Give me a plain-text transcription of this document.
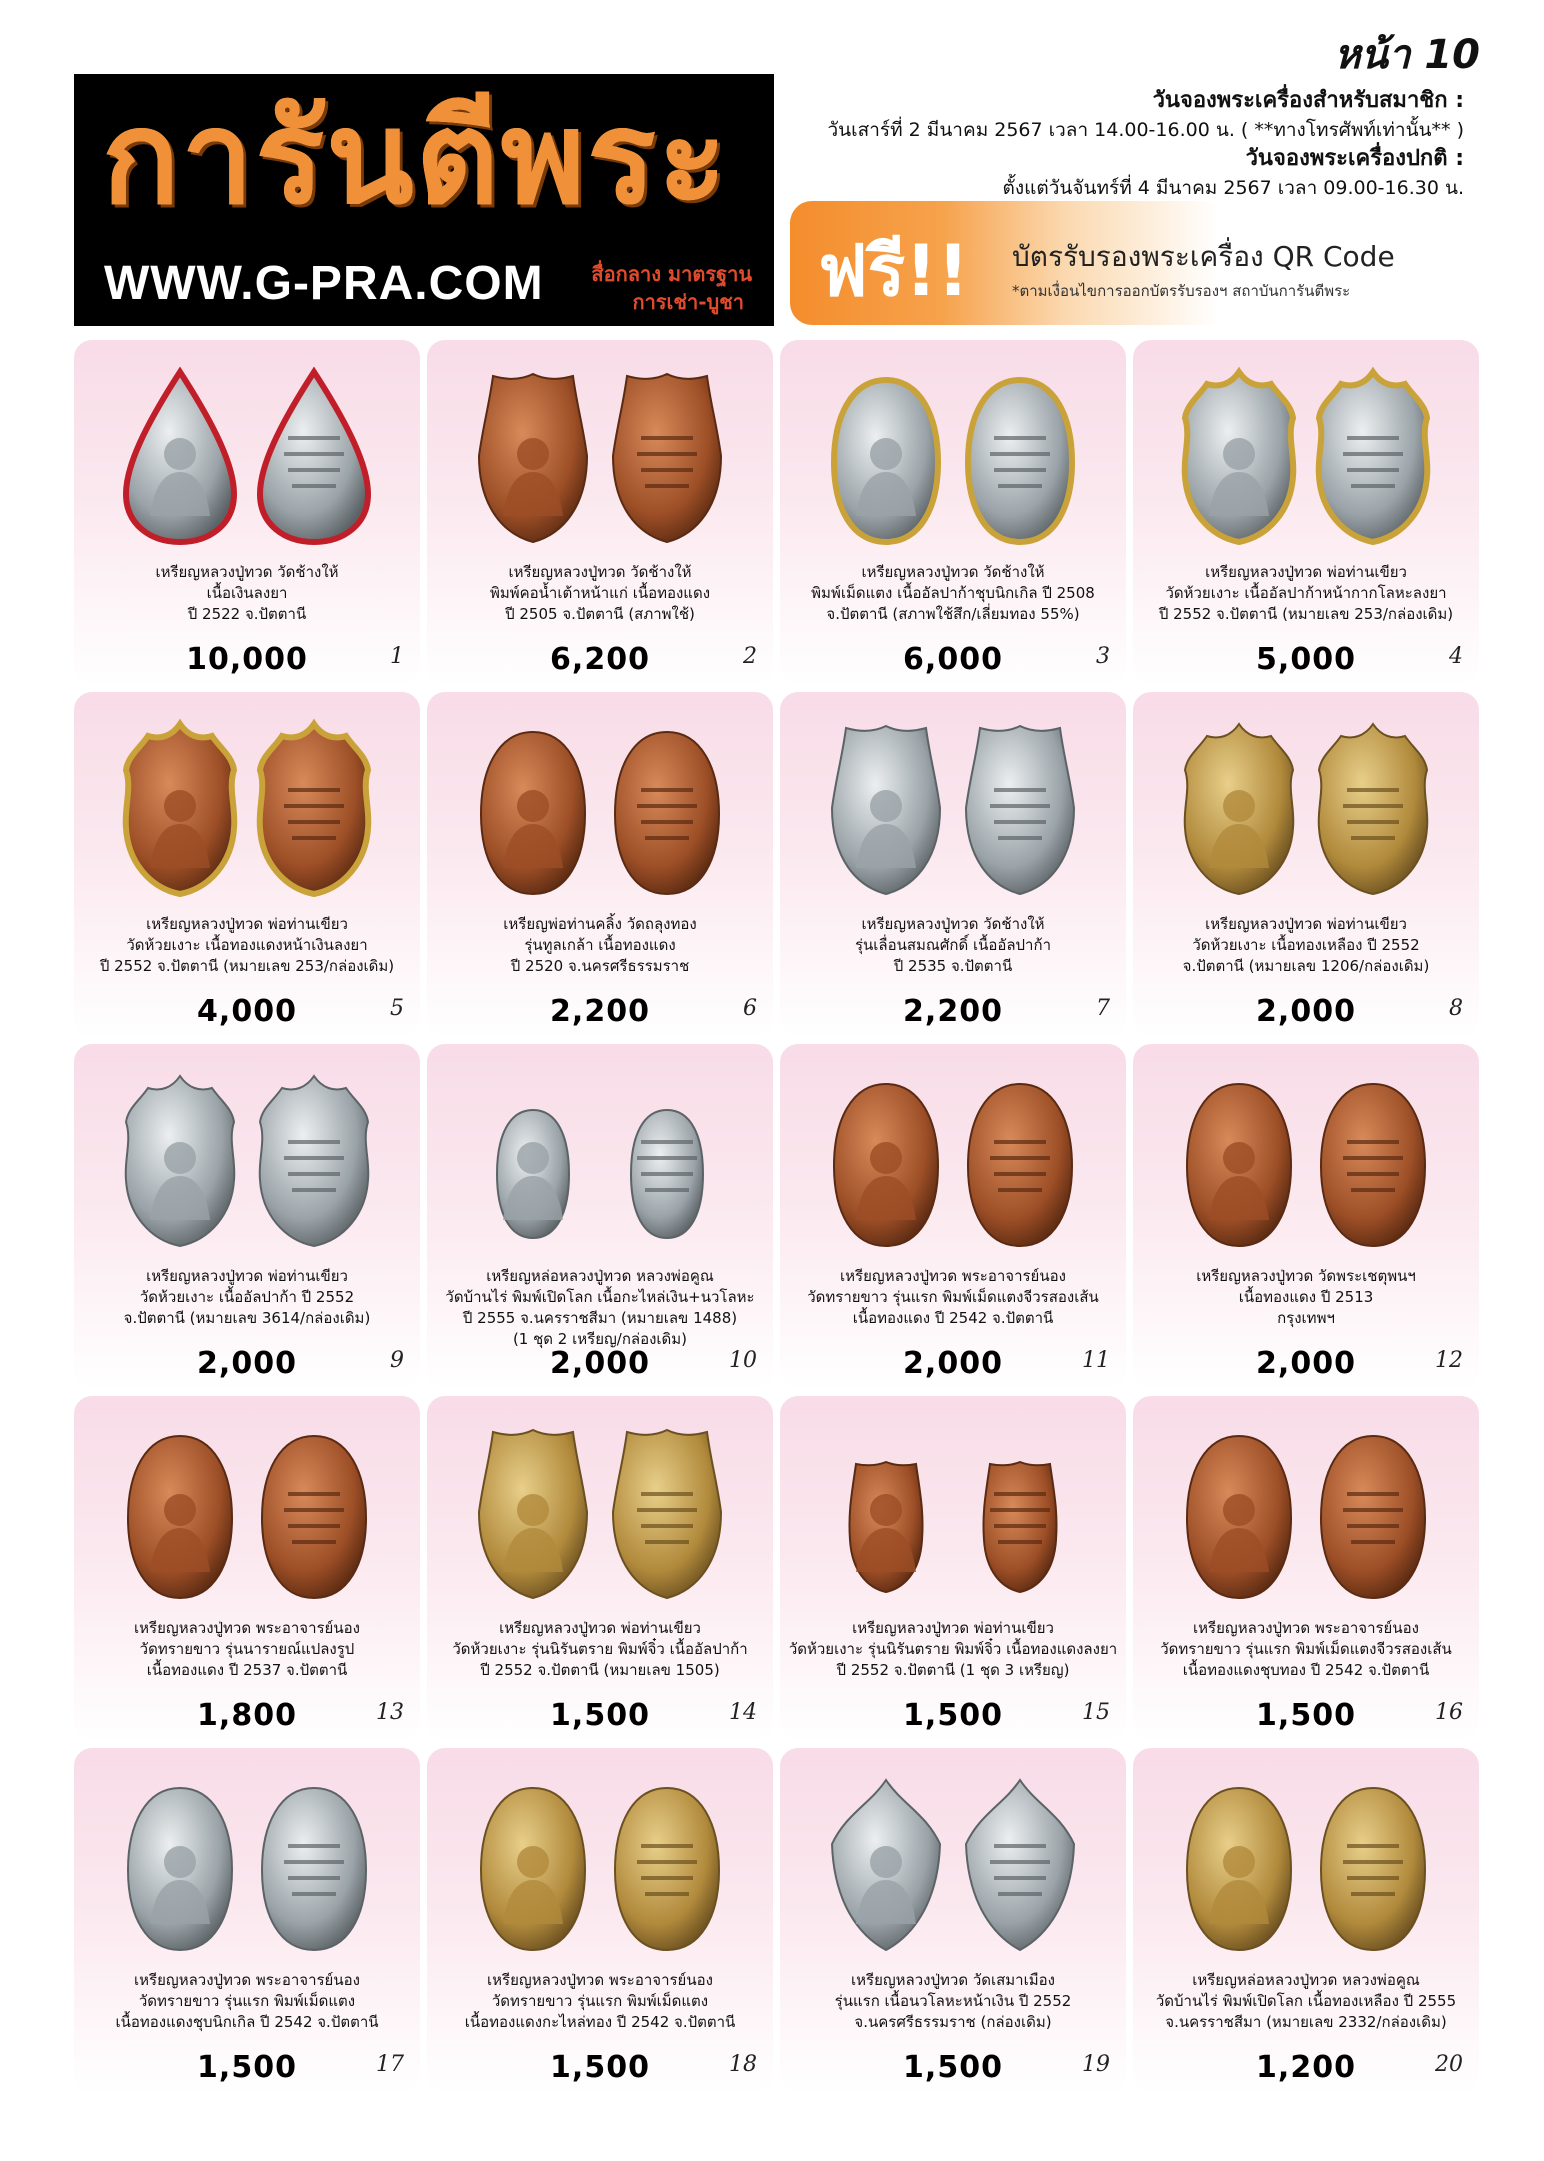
หน้า 10
การันตีพระ
WWW.G-PRA.COM สื่อกลาง มาตรฐาน
การเช่า-บูชา
วันจองพระเครื่องสำหรับสมาชิก :
วันเสาร์ที่ 2 มีนาคม 2567 เวลา 14.00-16.00 น. ( **ทางโทรศัพท์เท่านั้น** )
วันจองพระเครื่องปกติ :
ตั้งแต่วันจันทร์ที่ 4 มีนาคม 2567 เวลา 09.00-16.30 น.
ฟรี!! บัตรรับรองพระเครื่อง QR Code
*ตามเงื่อนไขการออกบัตรรับรองฯ สถาบันการันตีพระ
เหรียญหลวงปู่ทวด วัดช้างให้
เนื้อเงินลงยา
ปี 2522 จ.ปัตตานี
10,000	1
เหรียญหลวงปู่ทวด วัดช้างให้
พิมพ์คอน้ำเต้าหน้าแก่ เนื้อทองแดง
ปี 2505 จ.ปัตตานี (สภาพใช้)
6,200	2
เหรียญหลวงปู่ทวด วัดช้างให้
พิมพ์เม็ดแตง เนื้ออัลปาก้าชุบนิกเกิล ปี 2508
จ.ปัตตานี (สภาพใช้สึก/เลี่ยมทอง 55%)
6,000	3
เหรียญหลวงปู่ทวด พ่อท่านเขียว
วัดห้วยเงาะ เนื้ออัลปาก้าหน้ากากโลหะลงยา
ปี 2552 จ.ปัตตานี (หมายเลข 253/กล่องเดิม)
5,000	4
เหรียญหลวงปู่ทวด พ่อท่านเขียว
วัดห้วยเงาะ เนื้อทองแดงหน้าเงินลงยา
ปี 2552 จ.ปัตตานี (หมายเลข 253/กล่องเดิม)
4,000	5
เหรียญพ่อท่านคลิ้ง วัดถลุงทอง
รุ่นทูลเกล้า เนื้อทองแดง
ปี 2520 จ.นครศรีธรรมราช
2,200	6
เหรียญหลวงปู่ทวด วัดช้างให้
รุ่นเลื่อนสมณศักดิ์ เนื้ออัลปาก้า
ปี 2535 จ.ปัตตานี
2,200	7
เหรียญหลวงปู่ทวด พ่อท่านเขียว
วัดห้วยเงาะ เนื้อทองเหลือง ปี 2552
จ.ปัตตานี (หมายเลข 1206/กล่องเดิม)
2,000	8
เหรียญหลวงปู่ทวด พ่อท่านเขียว
วัดห้วยเงาะ เนื้ออัลปาก้า ปี 2552
จ.ปัตตานี (หมายเลข 3614/กล่องเดิม)
2,000	9
เหรียญหล่อหลวงปู่ทวด หลวงพ่อคูณ
วัดบ้านไร่ พิมพ์เปิดโลก เนื้อกะไหล่เงิน+นวโลหะ
ปี 2555 จ.นครราชสีมา (หมายเลข 1488)
(1 ชุด 2 เหรียญ/กล่องเดิม)
2,000	10
เหรียญหลวงปู่ทวด พระอาจารย์นอง
วัดทรายขาว รุ่นแรก พิมพ์เม็ดแตงจีวรสองเส้น
เนื้อทองแดง ปี 2542 จ.ปัตตานี
2,000	11
เหรียญหลวงปู่ทวด วัดพระเชตุพนฯ
เนื้อทองแดง ปี 2513
กรุงเทพฯ
2,000	12
เหรียญหลวงปู่ทวด พระอาจารย์นอง
วัดทรายขาว รุ่นนารายณ์แปลงรูป
เนื้อทองแดง ปี 2537 จ.ปัตตานี
1,800	13
เหรียญหลวงปู่ทวด พ่อท่านเขียว
วัดห้วยเงาะ รุ่นนิรันตราย พิมพ์จิ๋ว เนื้ออัลปาก้า
ปี 2552 จ.ปัตตานี (หมายเลข 1505)
1,500	14
เหรียญหลวงปู่ทวด พ่อท่านเขียว
วัดห้วยเงาะ รุ่นนิรันตราย พิมพ์จิ๋ว เนื้อทองแดงลงยา
ปี 2552 จ.ปัตตานี (1 ชุด 3 เหรียญ)
1,500	15
เหรียญหลวงปู่ทวด พระอาจารย์นอง
วัดทรายขาว รุ่นแรก พิมพ์เม็ดแตงจีวรสองเส้น
เนื้อทองแดงชุบทอง ปี 2542 จ.ปัตตานี
1,500	16
เหรียญหลวงปู่ทวด พระอาจารย์นอง
วัดทรายขาว รุ่นแรก พิมพ์เม็ดแตง
เนื้อทองแดงชุบนิกเกิล ปี 2542 จ.ปัตตานี
1,500	17
เหรียญหลวงปู่ทวด พระอาจารย์นอง
วัดทรายขาว รุ่นแรก พิมพ์เม็ดแตง
เนื้อทองแดงกะไหล่ทอง ปี 2542 จ.ปัตตานี
1,500	18
เหรียญหลวงปู่ทวด วัดเสมาเมือง
รุ่นแรก เนื้อนวโลหะหน้าเงิน ปี 2552
จ.นครศรีธรรมราช (กล่องเดิม)
1,500	19
เหรียญหล่อหลวงปู่ทวด หลวงพ่อคูณ
วัดบ้านไร่ พิมพ์เปิดโลก เนื้อทองเหลือง ปี 2555
จ.นครราชสีมา (หมายเลข 2332/กล่องเดิม)
1,200	20
